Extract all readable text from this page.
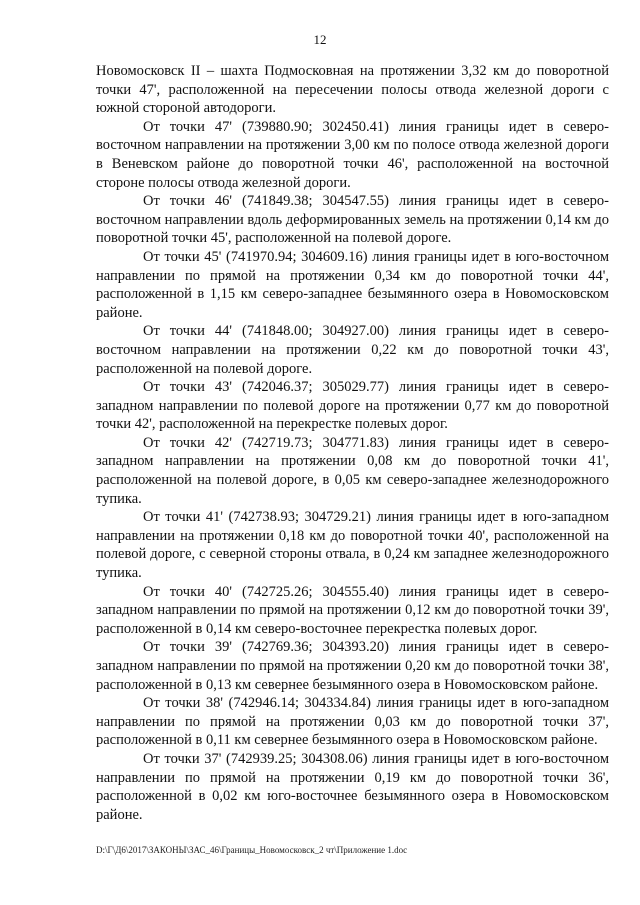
12

Новомосковск II – шахта Подмосковная на протяжении 3,32 км до поворотной точки 47', расположенной на пересечении полосы отвода железной дороги с южной стороной автодороги.

От точки 47' (739880.90; 302450.41) линия границы идет в северо-восточном направлении на протяжении 3,00 км по полосе отвода железной дороги в Веневском районе до поворотной точки 46', расположенной на восточной стороне полосы отвода железной дороги.

От точки 46' (741849.38; 304547.55) линия границы идет в северо-восточном направлении вдоль деформированных земель на протяжении 0,14 км до поворотной точки 45', расположенной на полевой дороге.

От точки 45' (741970.94; 304609.16) линия границы идет в юго-восточном направлении по прямой на протяжении 0,34 км до поворотной точки 44', расположенной в 1,15 км северо-западнее безымянного озера в Новомосковском районе.

От точки 44' (741848.00; 304927.00) линия границы идет в северо-восточном направлении на протяжении 0,22 км до поворотной точки 43', расположенной на полевой дороге.

От точки 43' (742046.37; 305029.77) линия границы идет в северо-западном направлении по полевой дороге на протяжении 0,77 км до поворотной точки 42', расположенной на перекрестке полевых дорог.

От точки 42' (742719.73; 304771.83) линия границы идет в северо-западном направлении на протяжении 0,08 км до поворотной точки 41', расположенной на полевой дороге, в 0,05 км северо-западнее железнодорожного тупика.

От точки 41' (742738.93; 304729.21) линия границы идет в юго-западном направлении на протяжении 0,18 км до поворотной точки 40', расположенной на полевой дороге, с северной стороны отвала, в 0,24 км западнее железнодорожного тупика.

От точки 40' (742725.26; 304555.40) линия границы идет в северо-западном направлении по прямой на протяжении 0,12 км до поворотной точки 39', расположенной в 0,14 км северо-восточнее перекрестка полевых дорог.

От точки 39' (742769.36; 304393.20) линия границы идет в северо-западном направлении по прямой на протяжении 0,20 км до поворотной точки 38', расположенной в 0,13 км севернее безымянного озера в Новомосковском районе.

От точки 38' (742946.14; 304334.84) линия границы идет в юго-западном направлении по прямой на протяжении 0,03 км до поворотной точки 37', расположенной в 0,11 км севернее безымянного озера в Новомосковском районе.

От точки 37' (742939.25; 304308.06) линия границы идет в юго-восточном направлении по прямой на протяжении 0,19 км до поворотной точки 36', расположенной в 0,02 км юго-восточнее безымянного озера в Новомосковском районе.

D:\Г\Д6\2017\ЗАКОНЫ\ЗАС_46\Границы_Новомосковск_2 чт\Приложение 1.doc
